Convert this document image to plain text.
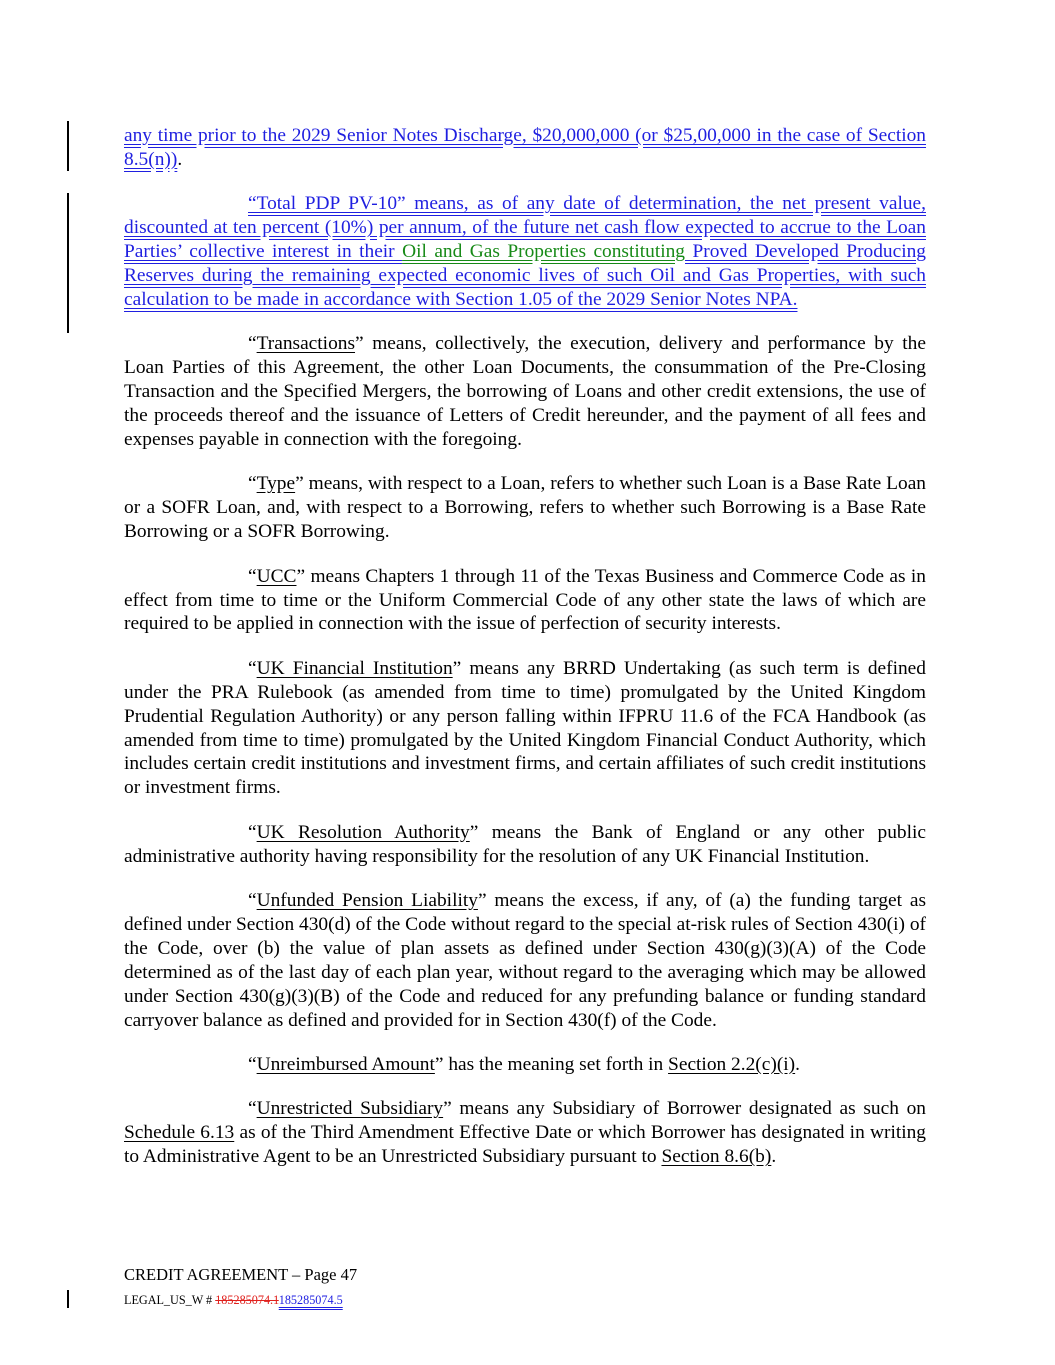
any time prior to the 2029 Senior Notes Discharge, $20,000,000 (or $25,00,000 in the case of Section 8.5(n)).

“Total PDP PV-10” means, as of any date of determination, the net present value, discounted at ten percent (10%) per annum, of the future net cash flow expected to accrue to the Loan Parties’ collective interest in their Oil and Gas Properties constituting Proved Developed Producing Reserves during the remaining expected economic lives of such Oil and Gas Properties, with such calculation to be made in accordance with Section 1.05 of the 2029 Senior Notes NPA.

“Transactions” means, collectively, the execution, delivery and performance by the Loan Parties of this Agreement, the other Loan Documents, the consummation of the Pre-Closing Transaction and the Specified Mergers, the borrowing of Loans and other credit extensions, the use of the proceeds thereof and the issuance of Letters of Credit hereunder, and the payment of all fees and expenses payable in connection with the foregoing.

“Type” means, with respect to a Loan, refers to whether such Loan is a Base Rate Loan or a SOFR Loan, and, with respect to a Borrowing, refers to whether such Borrowing is a Base Rate Borrowing or a SOFR Borrowing.

“UCC” means Chapters 1 through 11 of the Texas Business and Commerce Code as in effect from time to time or the Uniform Commercial Code of any other state the laws of which are required to be applied in connection with the issue of perfection of security interests.

“UK Financial Institution” means any BRRD Undertaking (as such term is defined under the PRA Rulebook (as amended from time to time) promulgated by the United Kingdom Prudential Regulation Authority) or any person falling within IFPRU 11.6 of the FCA Handbook (as amended from time to time) promulgated by the United Kingdom Financial Conduct Authority, which includes certain credit institutions and investment firms, and certain affiliates of such credit institutions or investment firms.

“UK Resolution Authority” means the Bank of England or any other public administrative authority having responsibility for the resolution of any UK Financial Institution.

“Unfunded Pension Liability” means the excess, if any, of (a) the funding target as defined under Section 430(d) of the Code without regard to the special at-risk rules of Section 430(i) of the Code, over (b) the value of plan assets as defined under Section 430(g)(3)(A) of the Code determined as of the last day of each plan year, without regard to the averaging which may be allowed under Section 430(g)(3)(B) of the Code and reduced for any prefunding balance or funding standard carryover balance as defined and provided for in Section 430(f) of the Code.

“Unreimbursed Amount” has the meaning set forth in Section 2.2(c)(i).

“Unrestricted Subsidiary” means any Subsidiary of Borrower designated as such on Schedule 6.13 as of the Third Amendment Effective Date or which Borrower has designated in writing to Administrative Agent to be an Unrestricted Subsidiary pursuant to Section 8.6(b).

CREDIT AGREEMENT – Page 47
LEGAL_US_W # 185285074.1185285074.5
